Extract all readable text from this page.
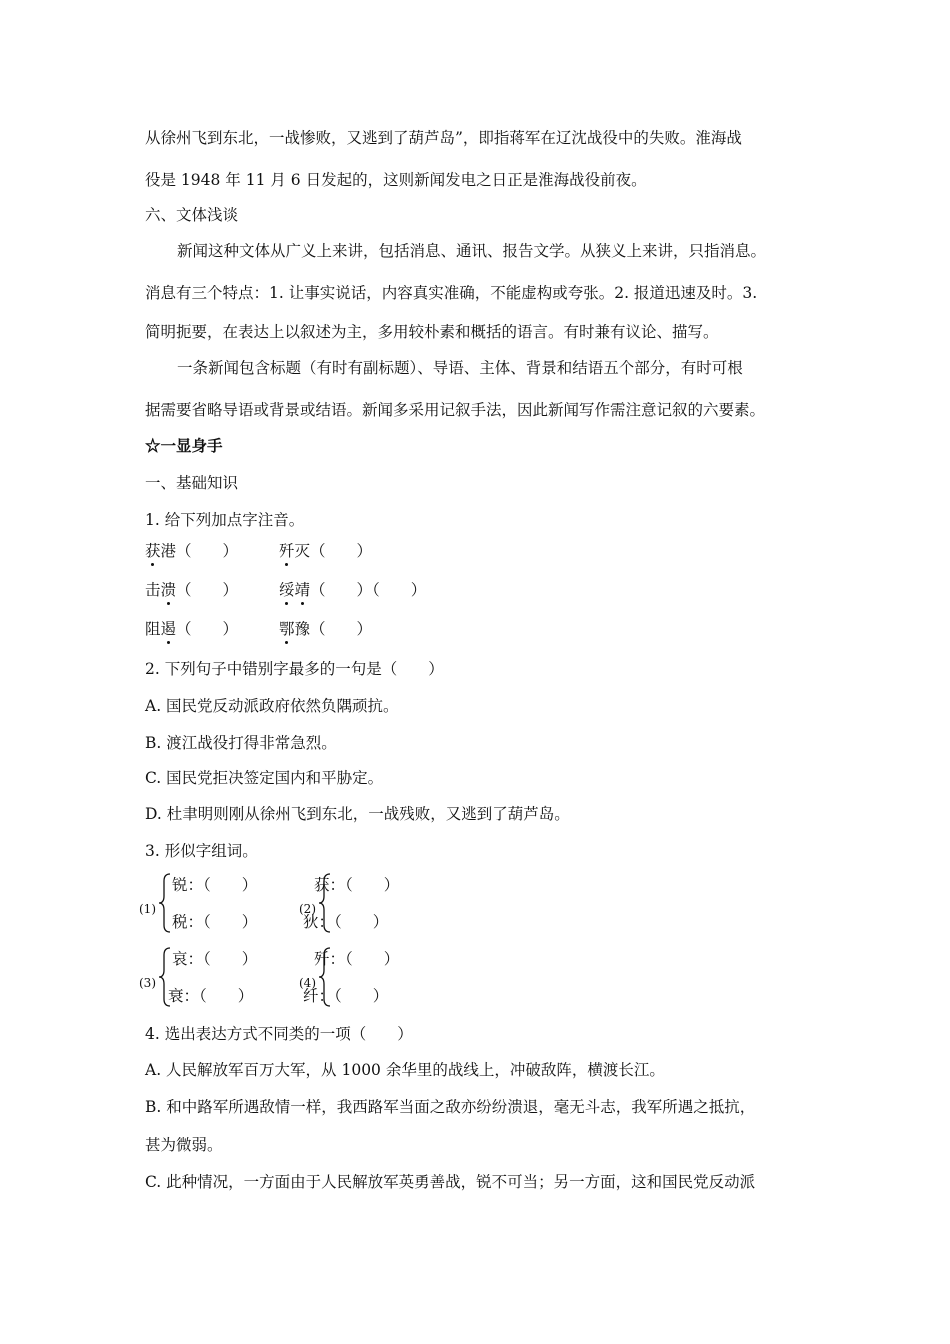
从徐州飞到东北，一战惨败，又逃到了葫芦岛”，即指蒋军在辽沈战役中的失败。淮海战
役是 1948 年 11 月 6 日发起的，这则新闻发电之日正是淮海战役前夜。
六、文体浅谈
新闻这种文体从广义上来讲，包括消息、通讯、报告文学。从狭义上来讲，只指消息。
消息有三个特点：1. 让事实说话，内容真实准确，不能虚构或夸张。2. 报道迅速及时。3.
简明扼要，在表达上以叙述为主，多用较朴素和概括的语言。有时兼有议论、描写。
一条新闻包含标题（有时有副标题）、导语、主体、背景和结语五个部分，有时可根
据需要省略导语或背景或结语。新闻多采用记叙手法，因此新闻写作需注意记叙的六要素。
☆一显身手
一、基础知识
1. 给下列加点字注音。
获港（　　）	歼灭（　　）
击溃（　　）	绥靖（　　）（　　）
阻遏（　　）	鄂豫（　　）
2. 下列句子中错别字最多的一句是（　　）
A. 国民党反动派政府依然负隅顽抗。
B. 渡江战役打得非常急烈。
C. 国民党拒决签定国内和平胁定。
D. 杜聿明则刚从徐州飞到东北，一战残败，又逃到了葫芦岛。
3. 形似字组词。
(1)
锐：（　　）
税：（　　）
(2)
获：（　　）
狄：（　　）
(3)
哀：（　　）
衰：（　　）
(4)
歼：（　　）
纤：（　　）
4. 选出表达方式不同类的一项（　　）
A. 人民解放军百万大军，从 1000 余华里的战线上，冲破敌阵，横渡长江。
B. 和中路军所遇敌情一样，我西路军当面之敌亦纷纷溃退，毫无斗志，我军所遇之抵抗，
甚为微弱。
C. 此种情况，一方面由于人民解放军英勇善战，锐不可当；另一方面，这和国民党反动派
